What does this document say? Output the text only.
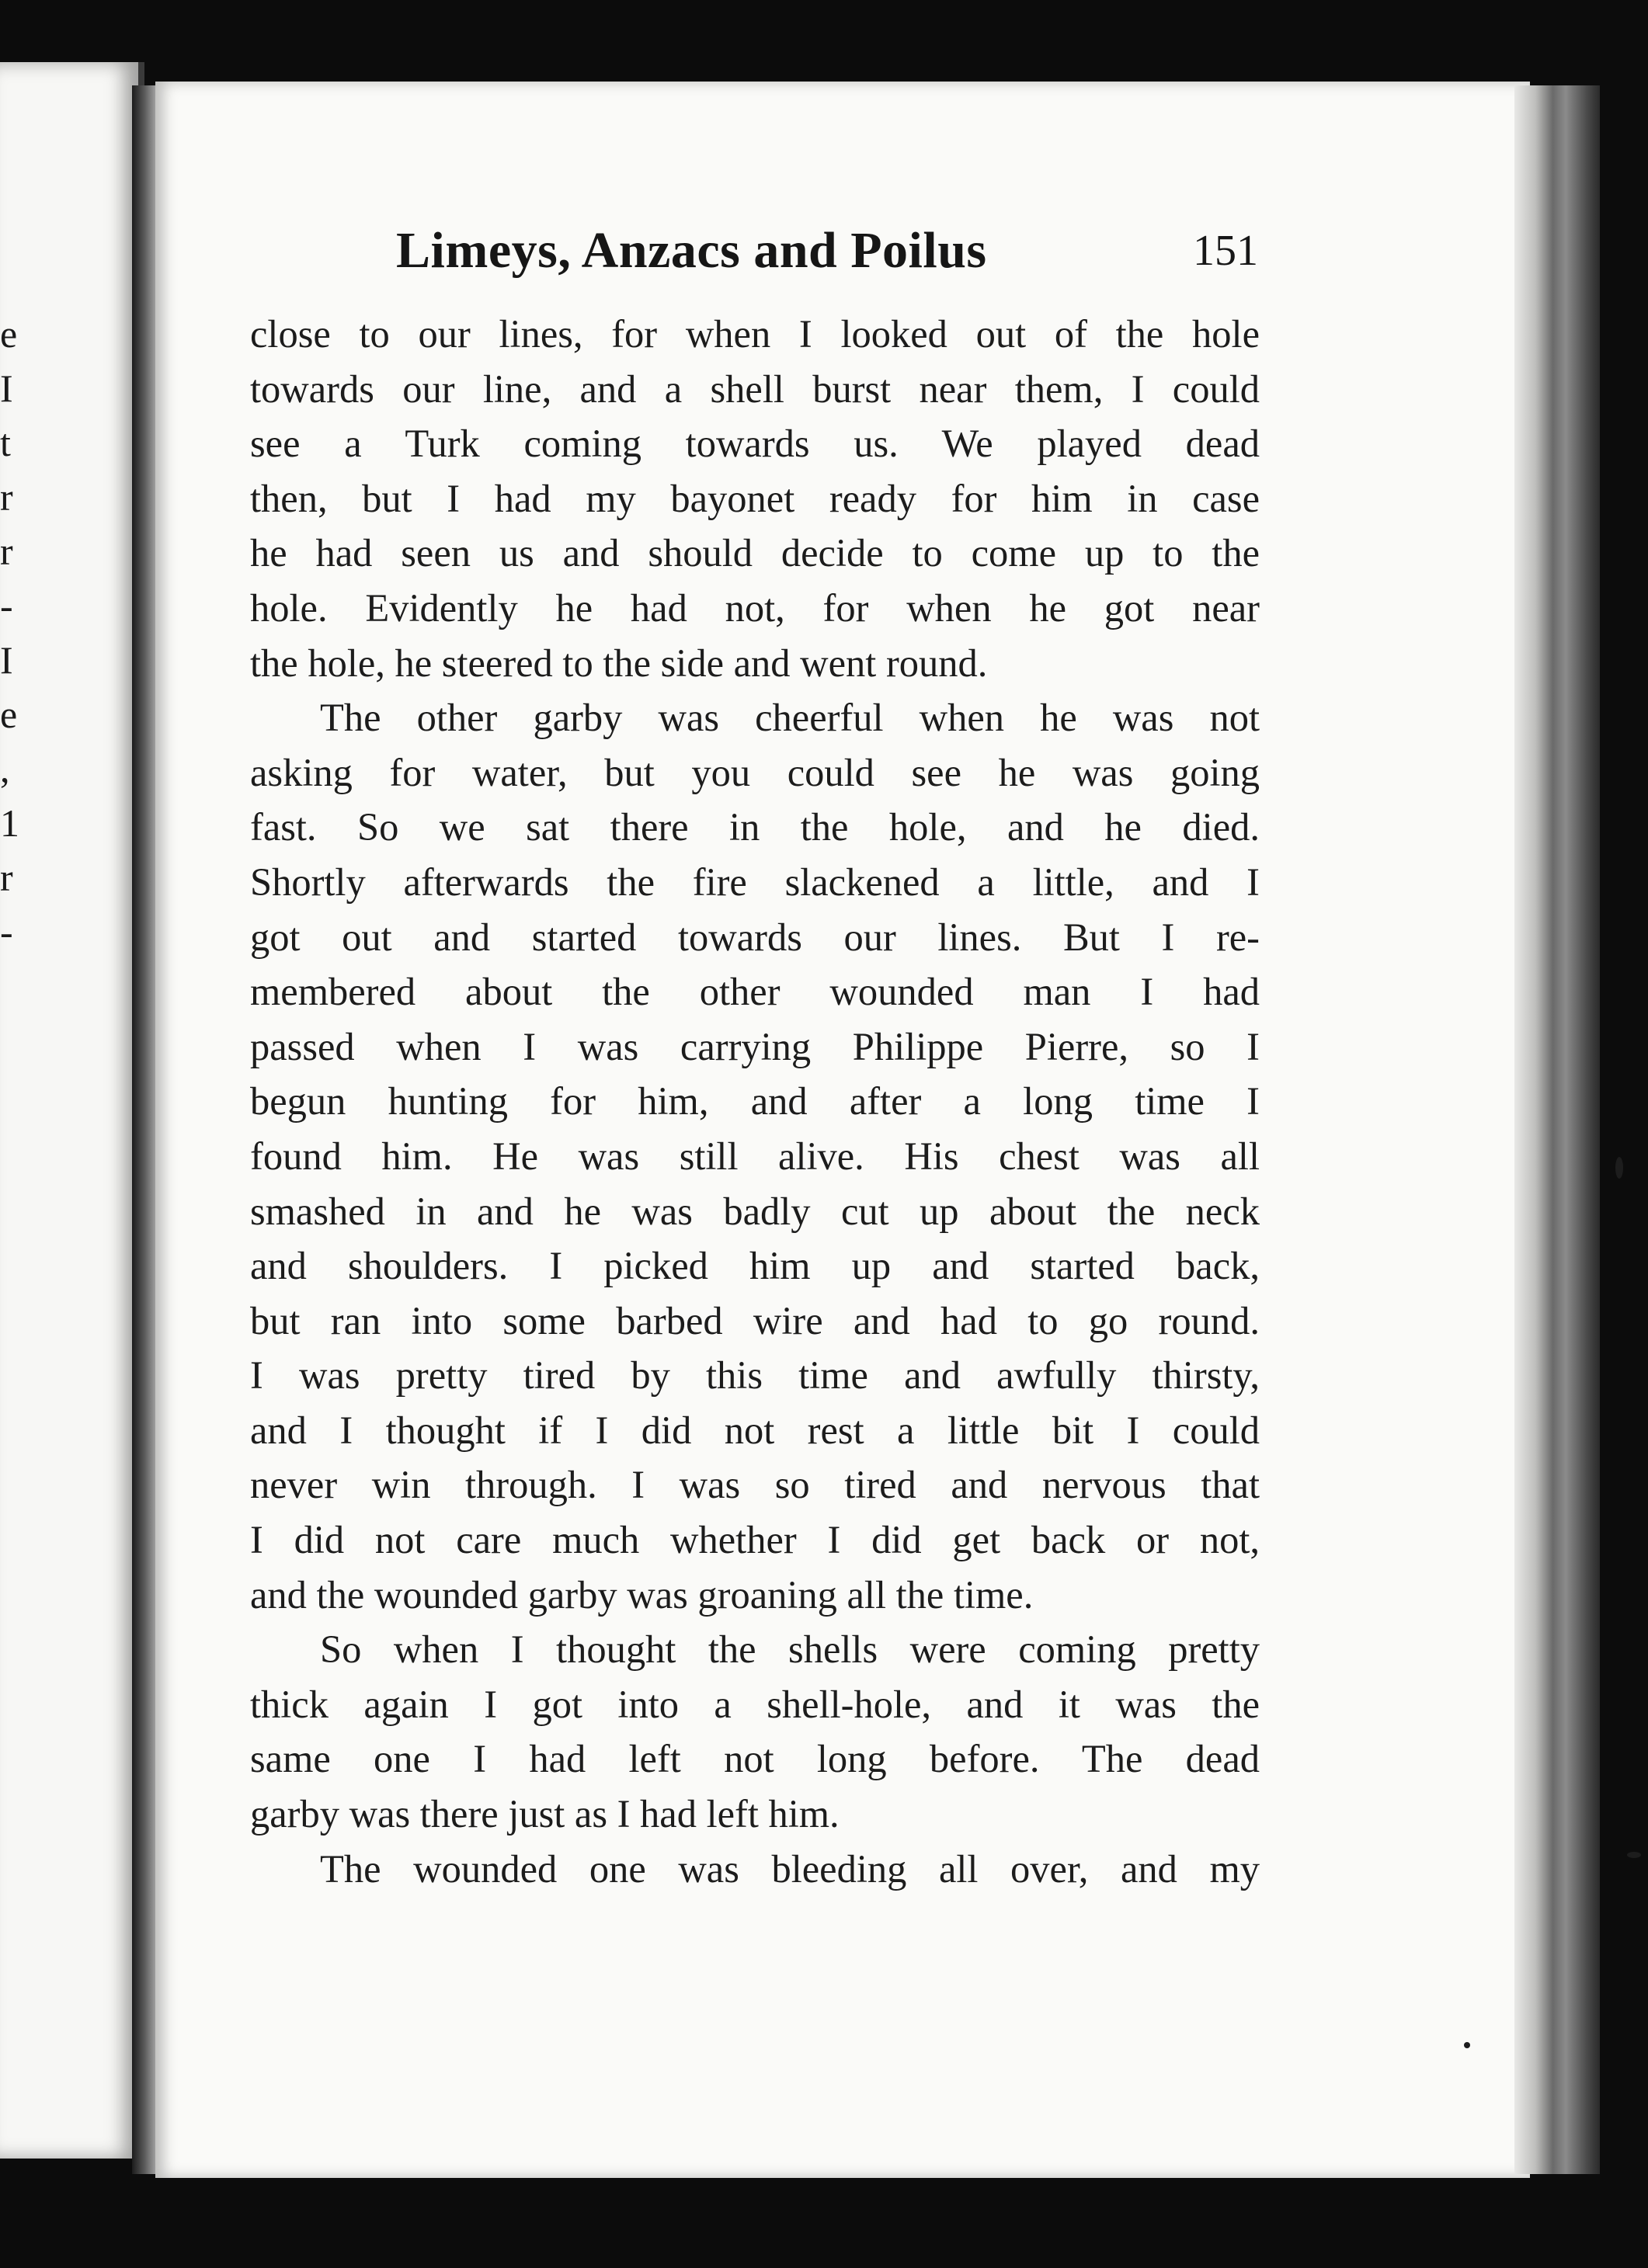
e
I
t
r
r
-
I
e
,
1
r
-
Limeys, Anzacs and Poilus	151
close to our lines, for when I looked out of the hole
towards our line, and a shell burst near them, I could
see a Turk coming towards us. We played dead
then, but I had my bayonet ready for him in case
he had seen us and should decide to come up to the
hole. Evidently he had not, for when he got near
the hole, he steered to the side and went round.
The other garby was cheerful when he was not
asking for water, but you could see he was going
fast. So we sat there in the hole, and he died.
Shortly afterwards the fire slackened a little, and I
got out and started towards our lines. But I re-
membered about the other wounded man I had
passed when I was carrying Philippe Pierre, so I
begun hunting for him, and after a long time I
found him. He was still alive. His chest was all
smashed in and he was badly cut up about the neck
and shoulders. I picked him up and started back,
but ran into some barbed wire and had to go round.
I was pretty tired by this time and awfully thirsty,
and I thought if I did not rest a little bit I could
never win through. I was so tired and nervous that
I did not care much whether I did get back or not,
and the wounded garby was groaning all the time.
So when I thought the shells were coming pretty
thick again I got into a shell-hole, and it was the
same one I had left not long before. The dead
garby was there just as I had left him.
The wounded one was bleeding all over, and my
